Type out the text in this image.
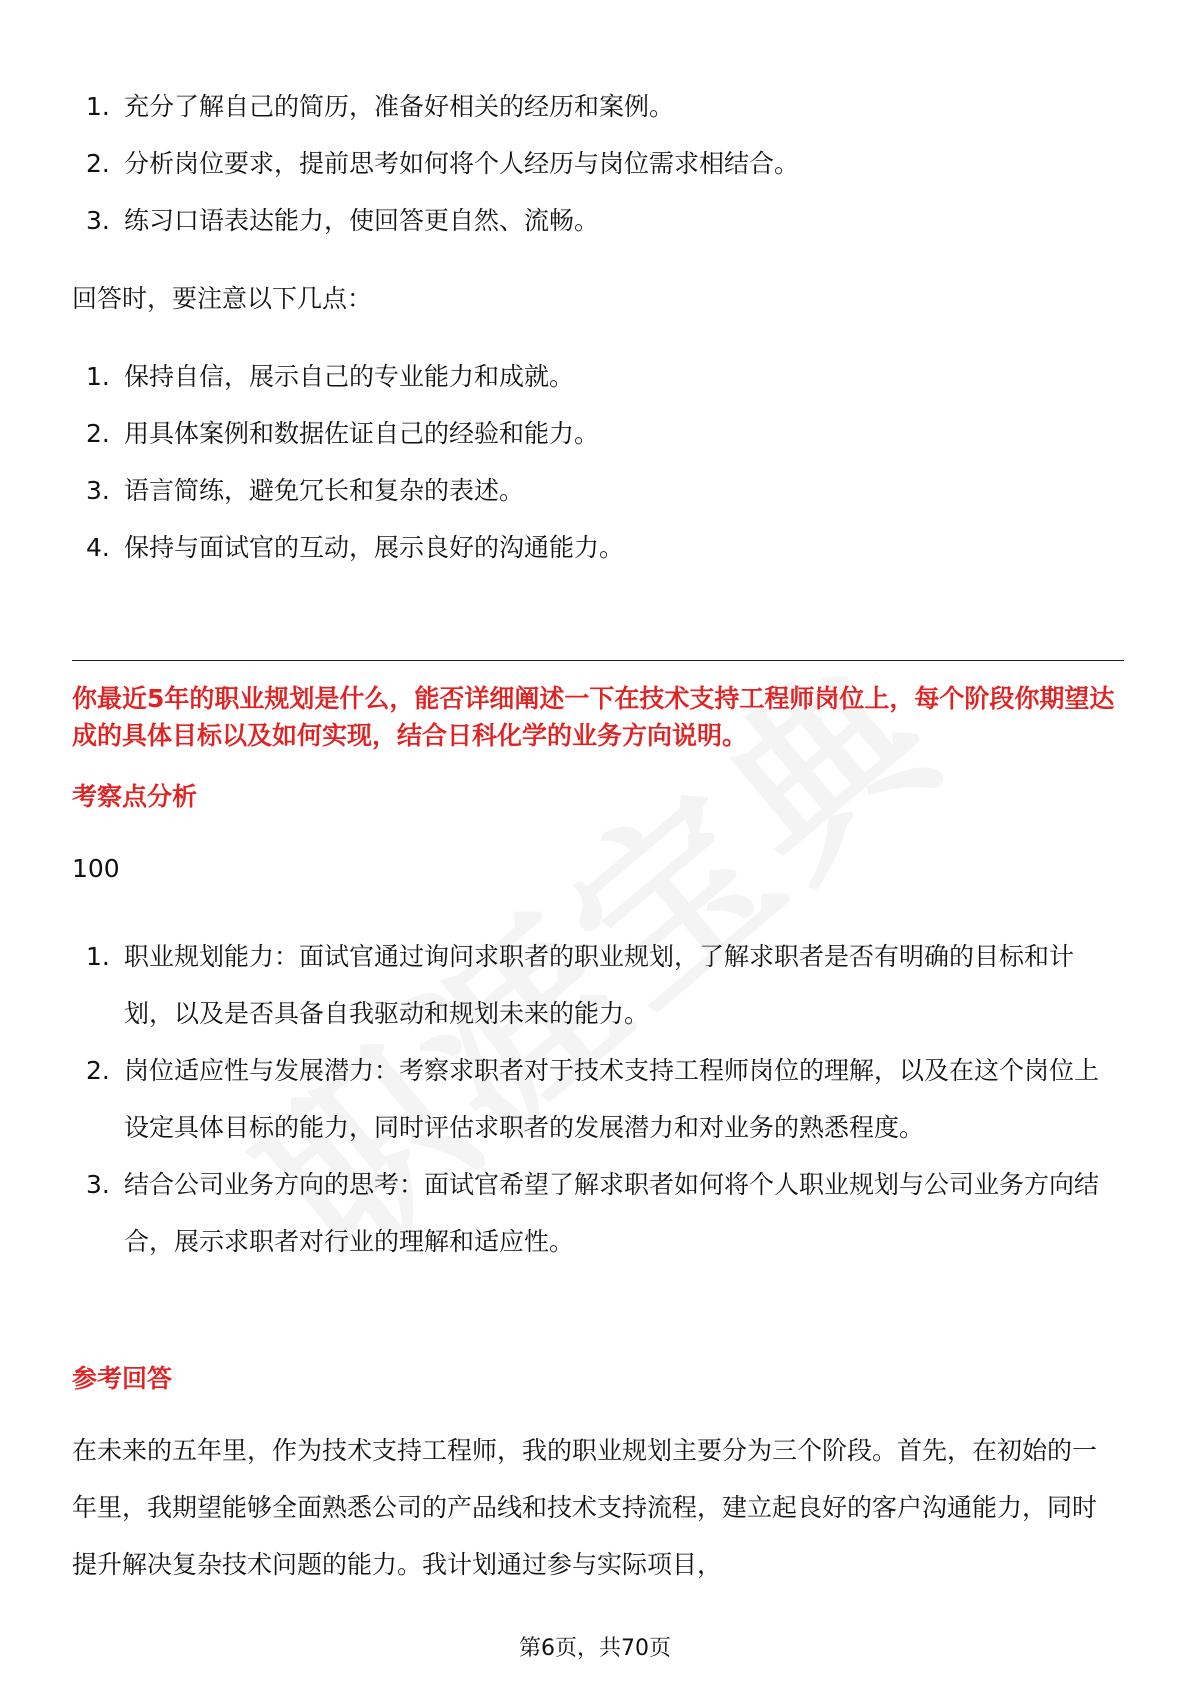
1. 充分了解自己的简历，准备好相关的经历和案例。
2. 分析岗位要求，提前思考如何将个人经历与岗位需求相结合。
3. 练习口语表达能力，使回答更自然、流畅。

回答时，要注意以下几点：

1. 保持自信，展示自己的专业能力和成就。
2. 用具体案例和数据佐证自己的经验和能力。
3. 语言简练，避免冗长和复杂的表述。
4. 保持与面试官的互动，展示良好的沟通能力。

你最近5年的职业规划是什么，能否详细阐述一下在技术支持工程师岗位上，每个阶段你期望达成的具体目标以及如何实现，结合日科化学的业务方向说明。

考察点分析

100

1. 职业规划能力：面试官通过询问求职者的职业规划，了解求职者是否有明确的目标和计划，以及是否具备自我驱动和规划未来的能力。
2. 岗位适应性与发展潜力：考察求职者对于技术支持工程师岗位的理解，以及在这个岗位上设定具体目标的能力，同时评估求职者的发展潜力和对业务的熟悉程度。
3. 结合公司业务方向的思考：面试官希望了解求职者如何将个人职业规划与公司业务方向结合，展示求职者对行业的理解和适应性。

参考回答

在未来的五年里，作为技术支持工程师，我的职业规划主要分为三个阶段。首先，在初始的一年里，我期望能够全面熟悉公司的产品线和技术支持流程，建立起良好的客户沟通能力，同时提升解决复杂技术问题的能力。我计划通过参与实际项目，

第6页，共70页
